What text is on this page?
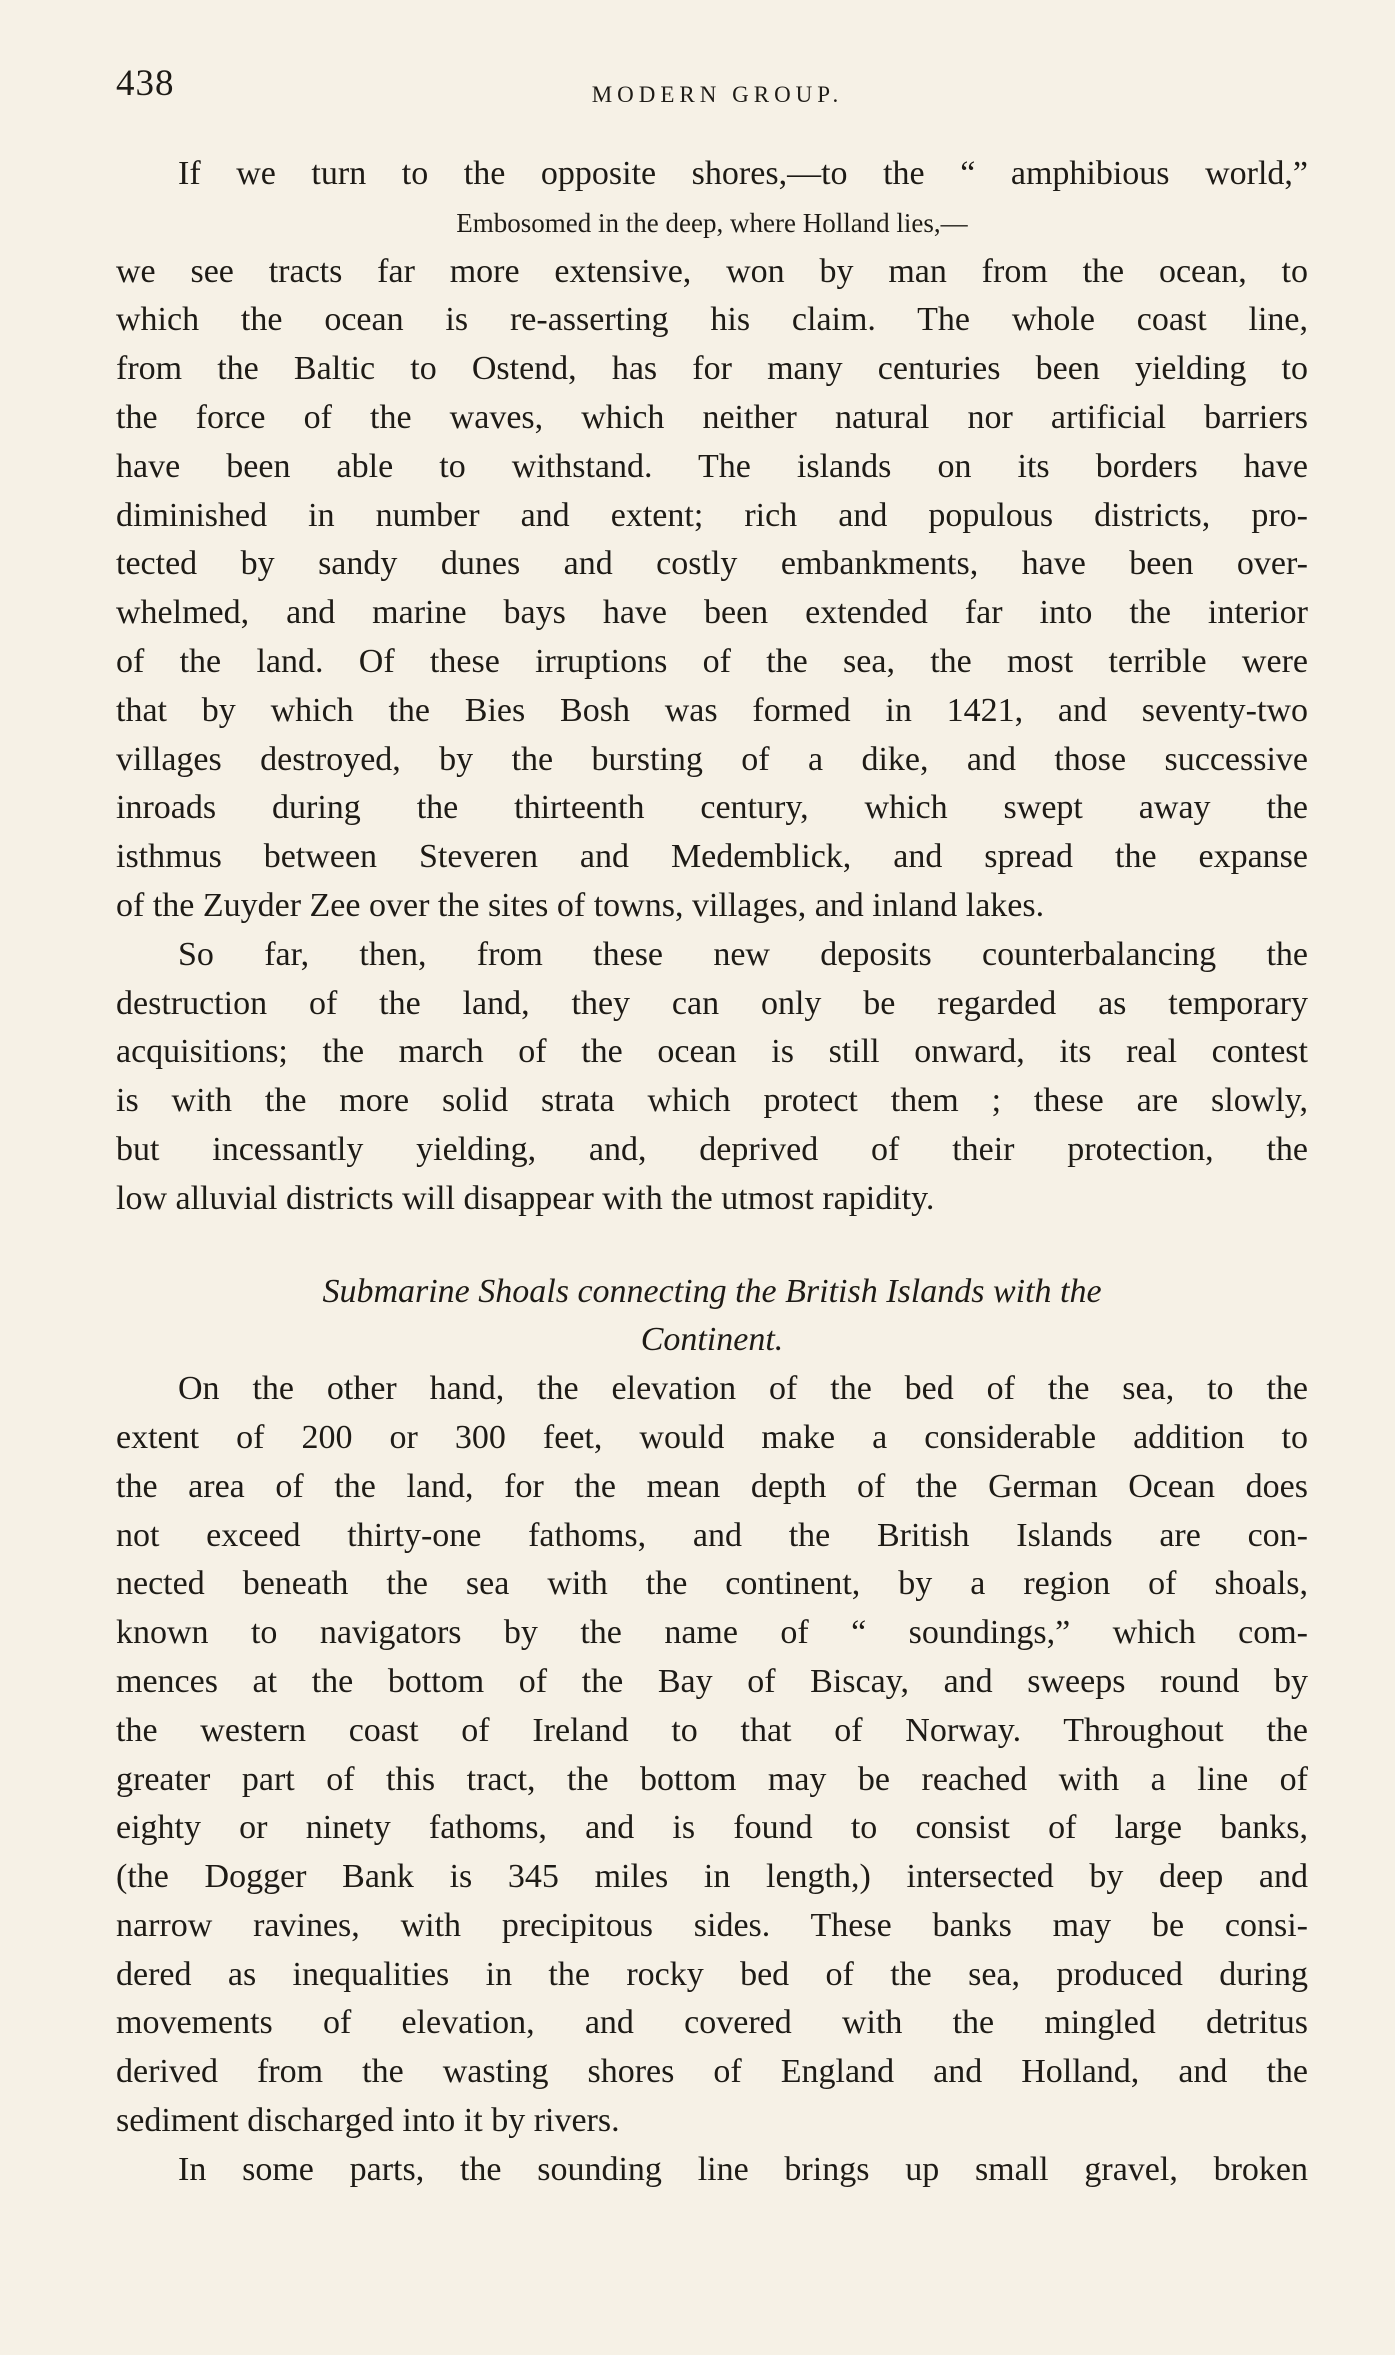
438	MODERN GROUP.
If we turn to the opposite shores,—to the “ amphibious world,”
Embosomed in the deep, where Holland lies,—
we see tracts far more extensive, won by man from the ocean, to
which the ocean is re-asserting his claim. The whole coast line,
from the Baltic to Ostend, has for many centuries been yielding to
the force of the waves, which neither natural nor artificial barriers
have been able to withstand. The islands on its borders have
diminished in number and extent; rich and populous districts, pro-
tected by sandy dunes and costly embankments, have been over-
whelmed, and marine bays have been extended far into the interior
of the land. Of these irruptions of the sea, the most terrible were
that by which the Bies Bosh was formed in 1421, and seventy-two
villages destroyed, by the bursting of a dike, and those successive
inroads during the thirteenth century, which swept away the
isthmus between Steveren and Medemblick, and spread the expanse
of the Zuyder Zee over the sites of towns, villages, and inland lakes.
So far, then, from these new deposits counterbalancing the
destruction of the land, they can only be regarded as temporary
acquisitions; the march of the ocean is still onward, its real contest
is with the more solid strata which protect them ; these are slowly,
but incessantly yielding, and, deprived of their protection, the
low alluvial districts will disappear with the utmost rapidity.
Submarine Shoals connecting the British Islands with the
Continent.
On the other hand, the elevation of the bed of the sea, to the
extent of 200 or 300 feet, would make a considerable addition to
the area of the land, for the mean depth of the German Ocean does
not exceed thirty-one fathoms, and the British Islands are con-
nected beneath the sea with the continent, by a region of shoals,
known to navigators by the name of “ soundings,” which com-
mences at the bottom of the Bay of Biscay, and sweeps round by
the western coast of Ireland to that of Norway. Throughout the
greater part of this tract, the bottom may be reached with a line of
eighty or ninety fathoms, and is found to consist of large banks,
(the Dogger Bank is 345 miles in length,) intersected by deep and
narrow ravines, with precipitous sides. These banks may be consi-
dered as inequalities in the rocky bed of the sea, produced during
movements of elevation, and covered with the mingled detritus
derived from the wasting shores of England and Holland, and the
sediment discharged into it by rivers.
In some parts, the sounding line brings up small gravel, broken
